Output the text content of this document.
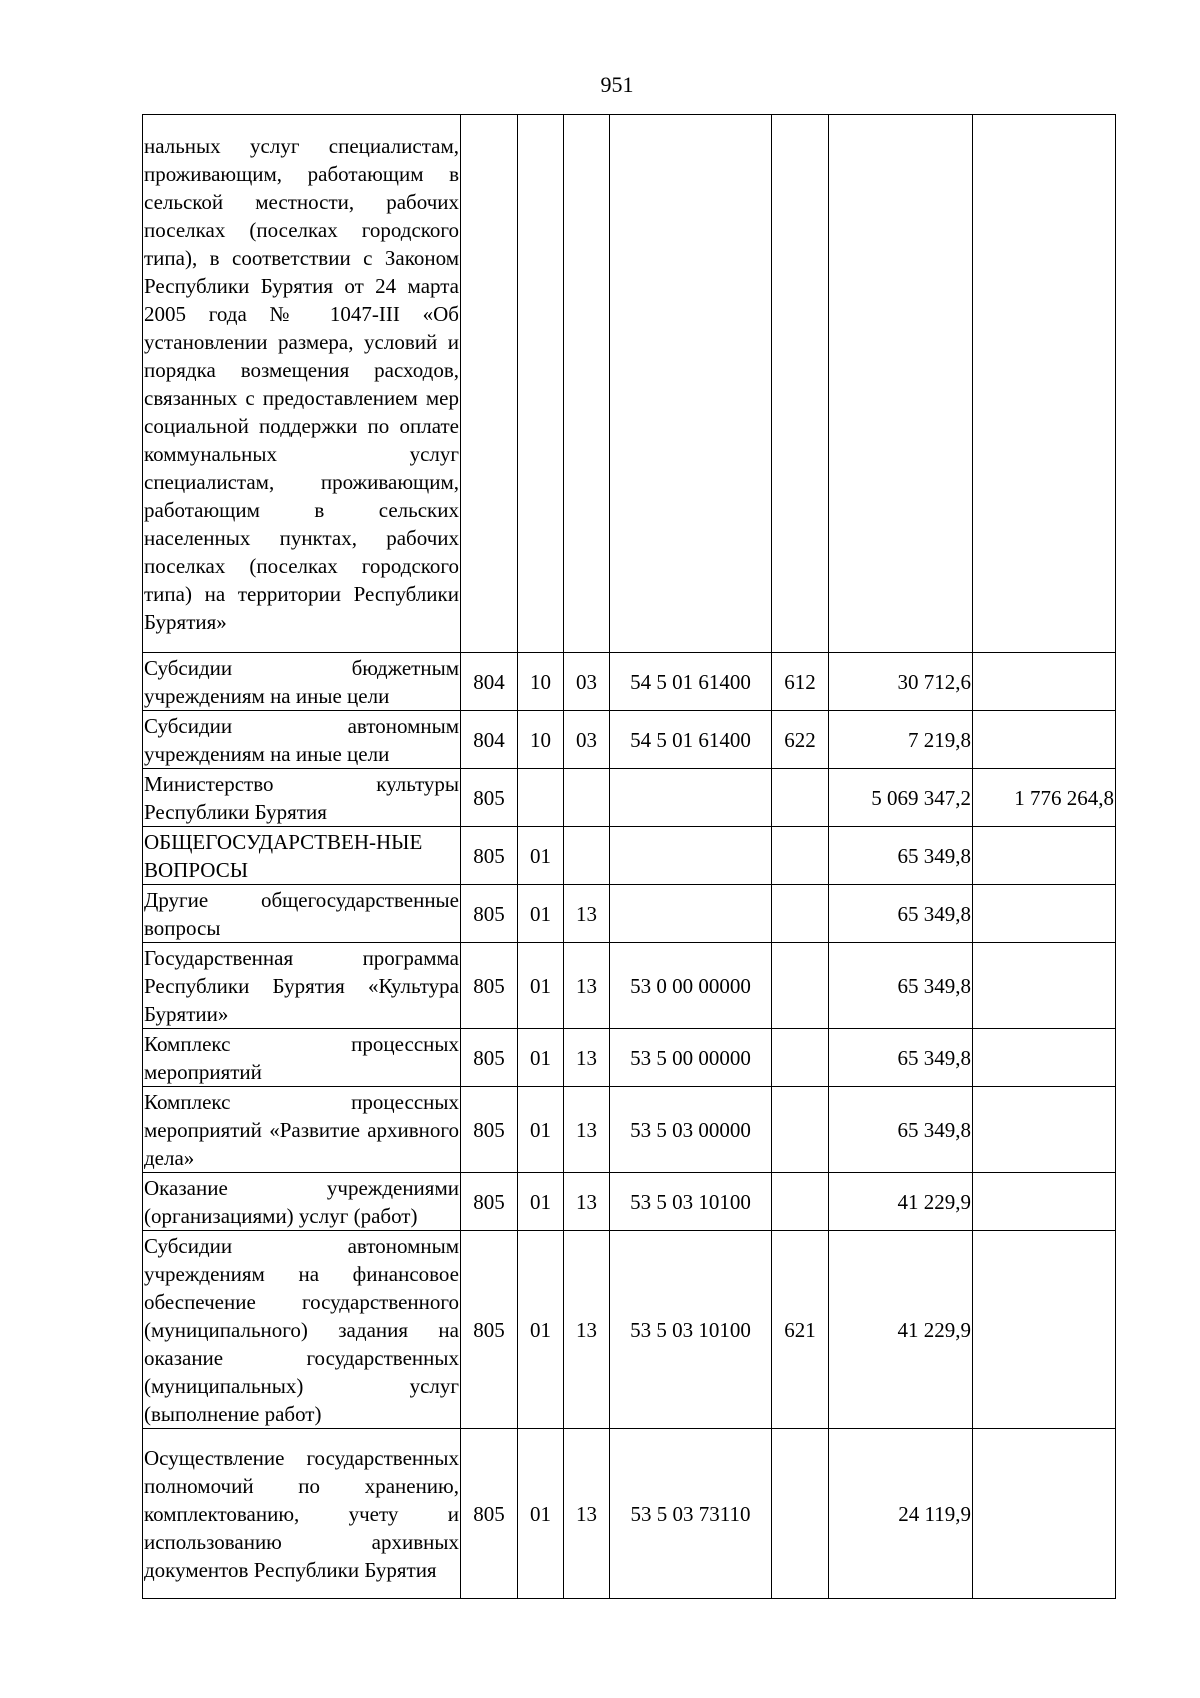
951
нальных услуг специалистам, проживающим, работающим в сельской местности, рабочих поселках (поселках городского типа), в соответствии с Законом Республики Бурятия от 24 марта 2005 года № 1047-III «Об установлении размера, условий и порядка возмещения расходов, связанных с предоставлением мер социальной поддержки по оплате коммунальных услуг специалистам, проживающим, работающим в сельских населенных пунктах, рабочих поселках (поселках городского типа) на территории Республики Бурятия»							
Субсидии бюджетным учреждениям на иные цели	804	10	03	54 5 01 61400	612	30 712,6	
Субсидии автономным учреждениям на иные цели	804	10	03	54 5 01 61400	622	7 219,8	
Министерство культуры Республики Бурятия	805					5 069 347,2	1 776 264,8
ОБЩЕГОСУДАРСТВЕН-НЫЕ ВОПРОСЫ	805	01				65 349,8	
Другие общегосударственные вопросы	805	01	13			65 349,8	
Государственная программа Республики Бурятия «Культура Бурятии»	805	01	13	53 0 00 00000		65 349,8	
Комплекс процессных мероприятий	805	01	13	53 5 00 00000		65 349,8	
Комплекс процессных мероприятий «Развитие архивного дела»	805	01	13	53 5 03 00000		65 349,8	
Оказание учреждениями (организациями) услуг (работ)	805	01	13	53 5 03 10100		41 229,9	
Субсидии автономным учреждениям на финансовое обеспечение государственного (муниципального) задания на оказание государственных (муниципальных) услуг (выполнение работ)	805	01	13	53 5 03 10100	621	41 229,9	
Осуществление государственных полномочий по хранению, комплектованию, учету и использованию архивных документов Республики Бурятия	805	01	13	53 5 03 73110		24 119,9	
